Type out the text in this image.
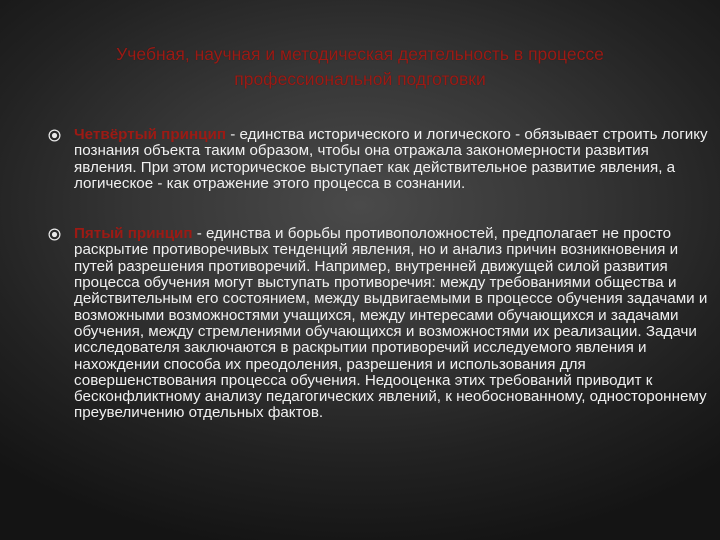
Учебная, научная и методическая деятельность в процессе
профессиональной подготовки
Четвёртый принцип - единства исторического и логического - обязывает строить логику познания объекта таким образом, чтобы она отражала закономерности развития явления. При этом историческое выступает как действительное развитие явления, а логическое - как отражение этого процесса в сознании.
Пятый принцип - единства и борьбы противоположностей, предполагает не просто раскрытие противоречивых тенденций явления, но и анализ причин возникновения и путей разрешения противоречий. Например, внутренней движущей силой развития процесса обучения могут выступать противоречия: между требованиями общества и действительным его состоянием, между выдвигаемыми в процессе обучения задачами и возможными возможностями учащихся, между интересами обучающихся и задачами обучения, между стремлениями обучающихся и возможностями их реализации. Задачи исследователя заключаются в раскрытии противоречий исследуемого явления и нахождении способа их преодоления, разрешения и использования для совершенствования процесса обучения. Недооценка этих требований приводит к бесконфликтному анализу педагогических явлений, к необоснованному, одностороннему преувеличению отдельных фактов.
